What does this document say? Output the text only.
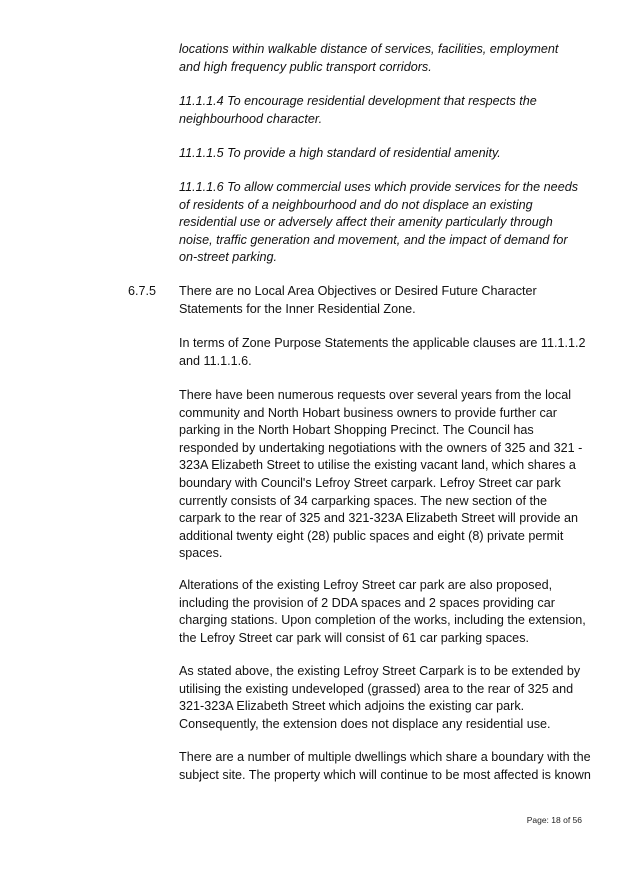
locations within walkable distance of services, facilities, employment
and high frequency public transport corridors.
11.1.1.4 To encourage residential development that respects the
neighbourhood character.
11.1.1.5 To provide a high standard of residential amenity.
11.1.1.6 To allow commercial uses which provide services for the needs
of residents of a neighbourhood and do not displace an existing
residential use or adversely affect their amenity particularly through
noise, traffic generation and movement, and the impact of demand for
on-street parking.
6.7.5 There are no Local Area Objectives or Desired Future Character
Statements for the Inner Residential Zone.
In terms of Zone Purpose Statements the applicable clauses are 11.1.1.2
and 11.1.1.6.
There have been numerous requests over several years from the local
community and North Hobart business owners to provide further car
parking in the North Hobart Shopping Precinct. The Council has
responded by undertaking negotiations with the owners of 325 and 321 -
323A Elizabeth Street to utilise the existing vacant land, which shares a
boundary with Council's Lefroy Street carpark. Lefroy Street car park
currently consists of 34 carparking spaces. The new section of the
carpark to the rear of 325 and 321-323A Elizabeth Street will provide an
additional twenty eight (28) public spaces and eight (8) private permit
spaces.
Alterations of the existing Lefroy Street car park are also proposed,
including the provision of 2 DDA spaces and 2 spaces providing car
charging stations. Upon completion of the works, including the extension,
the Lefroy Street car park will consist of 61 car parking spaces.
As stated above, the existing Lefroy Street Carpark is to be extended by
utilising the existing undeveloped (grassed) area to the rear of 325 and
321-323A Elizabeth Street which adjoins the existing car park.
Consequently, the extension does not displace any residential use.
There are a number of multiple dwellings which share a boundary with the
subject site. The property which will continue to be most affected is known
Page: 18 of 56
